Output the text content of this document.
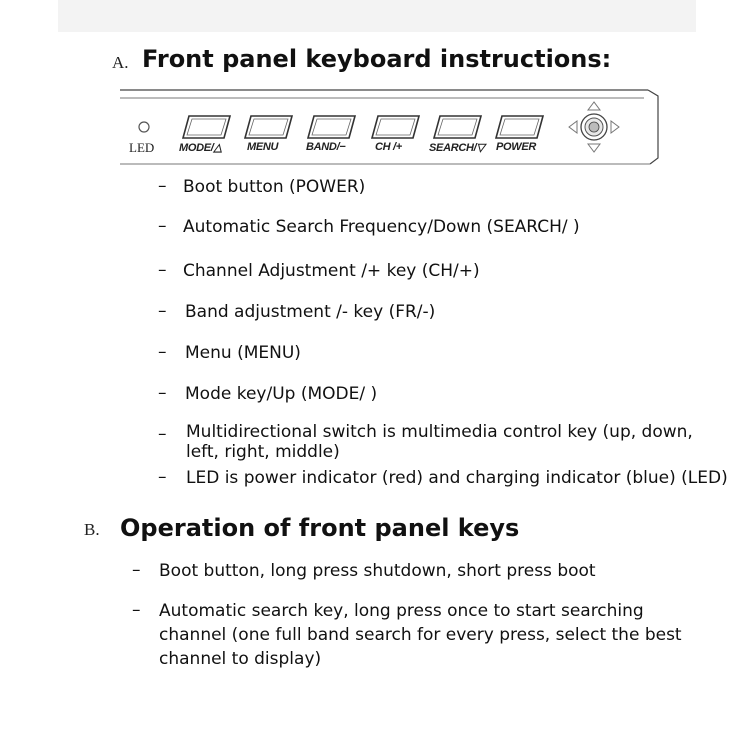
A. Front panel keyboard instructions:
LED MODE/△ MENU	BAND/−	CH /+ SEARCH/▽ POWER
– Boot button (POWER)
– Automatic Search Frequency/Down (SEARCH/ )
– Channel Adjustment /+ key (CH/+)
– Band adjustment /- key (FR/-)
– Menu (MENU)
– Mode key/Up (MODE/ )
– Multidirectional switch is multimedia control key (up, down,
left, right, middle)
– LED is power indicator (red) and charging indicator (blue) (LED)
B. Operation of front panel keys
– Boot button, long press shutdown, short press boot
– Automatic search key, long press once to start searching
channel (one full band search for every press, select the best
channel to display)
